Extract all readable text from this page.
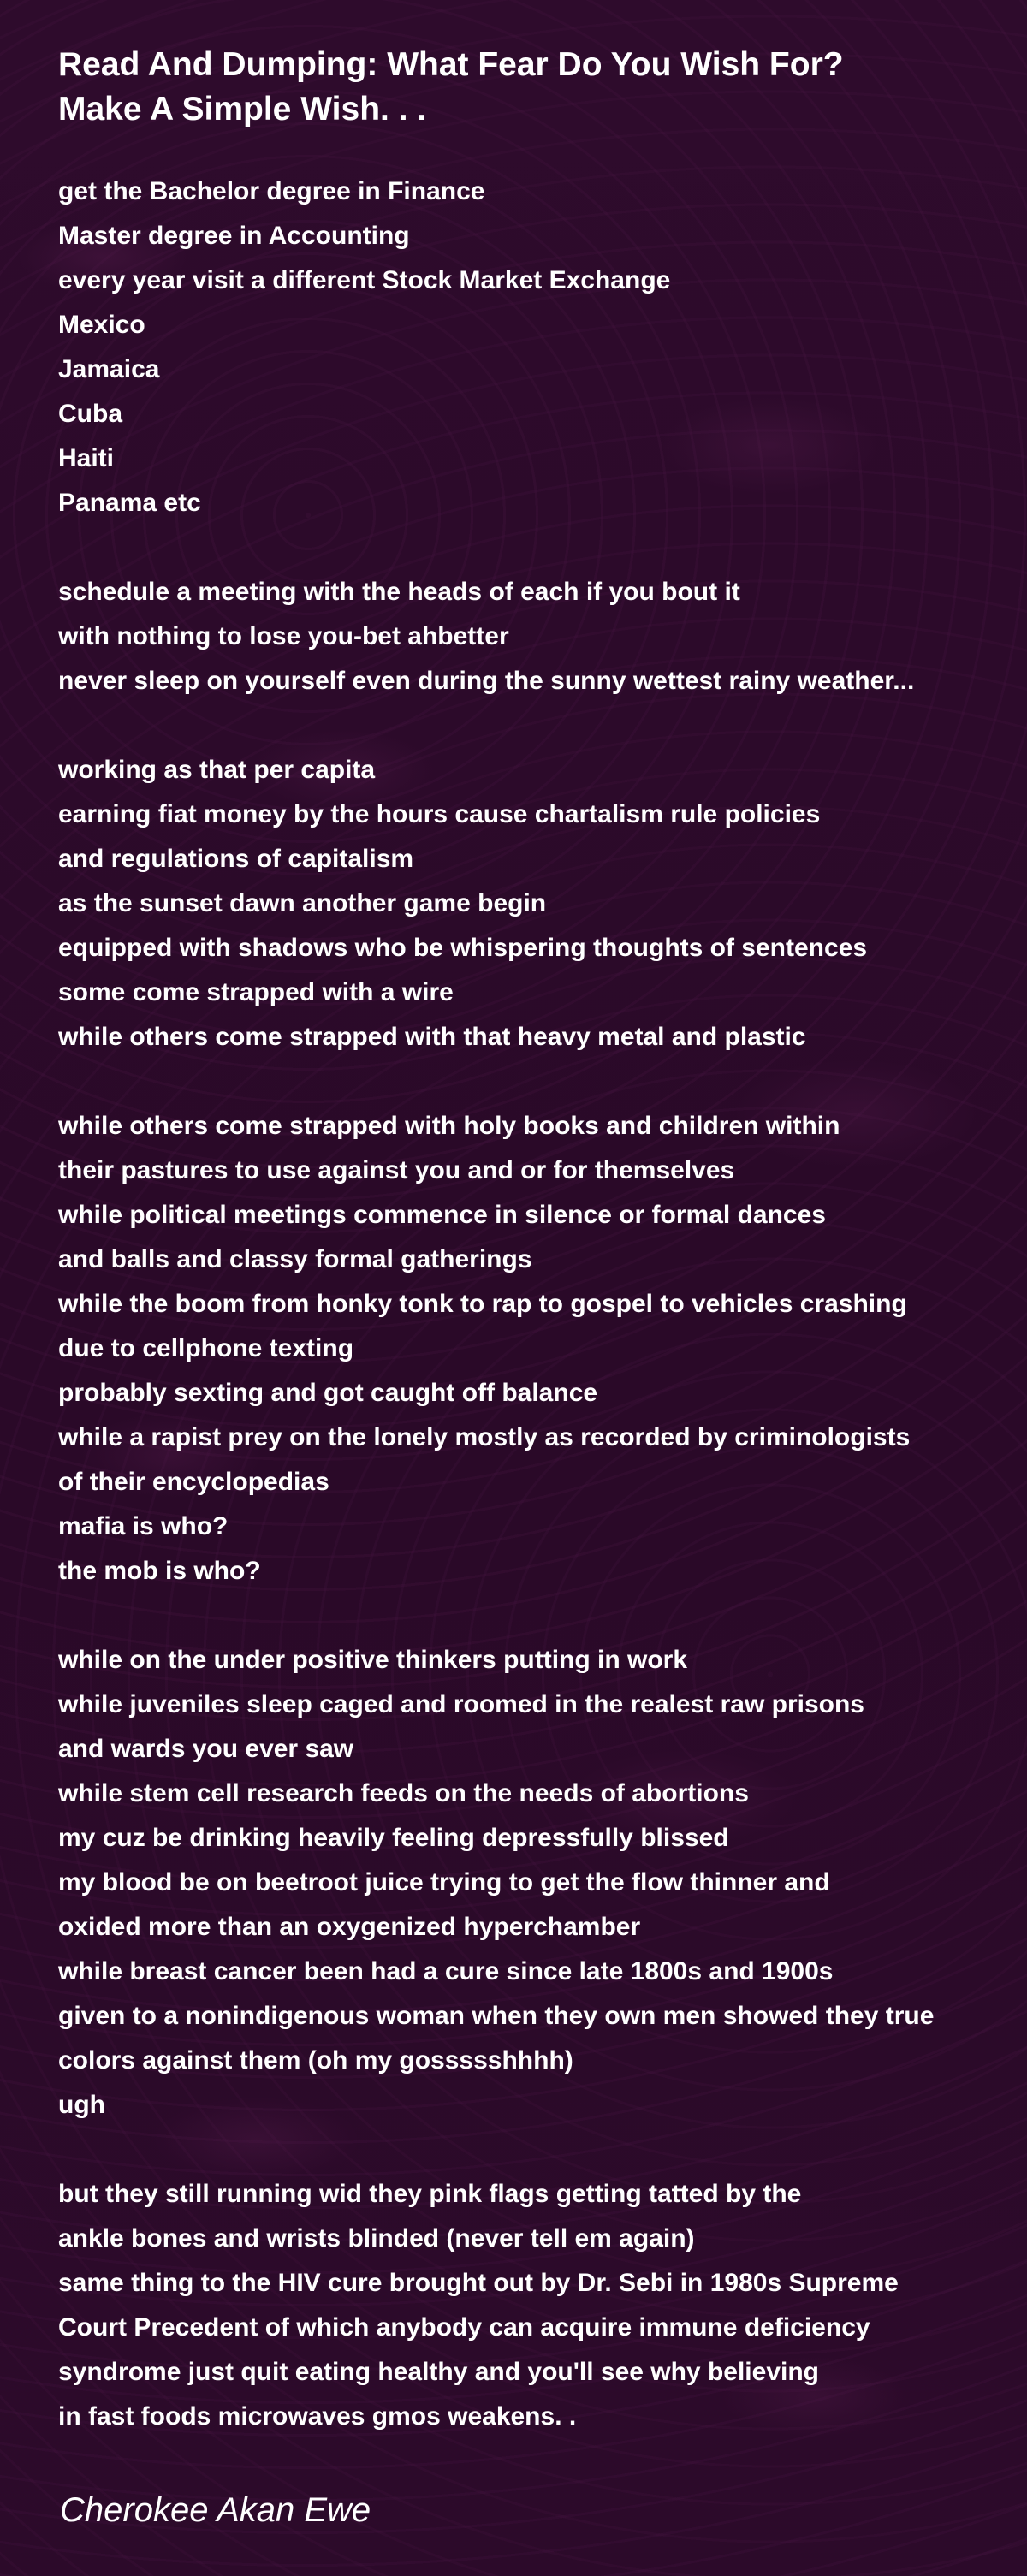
Read And Dumping: What Fear Do You Wish For?
Make A Simple Wish. . .
get the Bachelor degree in Finance
Master degree in Accounting
every year visit a different Stock Market Exchange
Mexico
Jamaica
Cuba
Haiti
Panama etc
schedule a meeting with the heads of each if you bout it
with nothing to lose you-bet ahbetter
never sleep on yourself even during the sunny wettest rainy weather...
working as that per capita
earning fiat money by the hours cause chartalism rule policies
and regulations of capitalism
as the sunset dawn another game begin
equipped with shadows who be whispering thoughts of sentences
some come strapped with a wire
while others come strapped with that heavy metal and plastic
while others come strapped with holy books and children within
their pastures to use against you and or for themselves
while political meetings commence in silence or formal dances
and balls and classy formal gatherings
while the boom from honky tonk to rap to gospel to vehicles crashing
due to cellphone texting
probably sexting and got caught off balance
while a rapist prey on the lonely mostly as recorded by criminologists
of their encyclopedias
mafia is who?
the mob is who?
while on the under positive thinkers putting in work
while juveniles sleep caged and roomed in the realest raw prisons
and wards you ever saw
while stem cell research feeds on the needs of abortions
my cuz be drinking heavily feeling depressfully blissed
my blood be on beetroot juice trying to get the flow thinner and
oxided more than an oxygenized hyperchamber
while breast cancer been had a cure since late 1800s and 1900s
given to a nonindigenous woman when they own men showed they true
colors against them (oh my gossssshhhh)
ugh
but they still running wid they pink flags getting tatted by the
ankle bones and wrists blinded (never tell em again)
same thing to the HIV cure brought out by Dr. Sebi in 1980s Supreme
Court Precedent of which anybody can acquire immune deficiency
syndrome just quit eating healthy and you'll see why believing
in fast foods microwaves gmos weakens. .
Cherokee Akan Ewe
